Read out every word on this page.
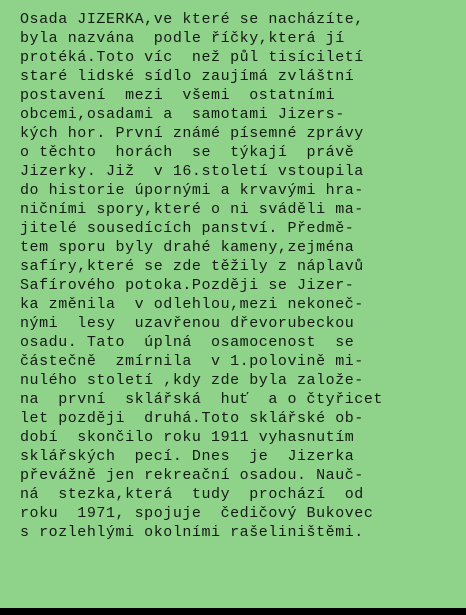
Osada JIZERKA,ve které se nacházíte,
byla nazvána  podle říčky,která jí
protéká.Toto víc  než půl tisíciletí
staré lidské sídlo zaujímá zvláštní
postavení  mezi  všemi  ostatními
obcemi,osadami a  samotami Jizers-
kých hor. První známé písemné zprávy
o těchto  horách  se  týkají  právě
Jizerky. Již  v 16.století vstoupila
do historie úpornými a krvavými hra-
ničními spory,které o ni sváděli ma-
jitelé sousedících panství. Předmě-
tem sporu byly drahé kameny,zejména
safíry,které se zde těžily z náplavů
Safírového potoka.Později se Jizer-
ka změnila  v odlehlou,mezi nekoneč-
nými  lesy  uzavřenou dřevorubeckou
osadu. Tato  úplná  osamocenost  se
částečně  zmírnila  v 1.polovině mi-
nulého století ,kdy zde byla založe-
na  první  sklářská  huť  a o čtyřicet
let později  druhá.Toto sklářské ob-
dobí  skončilo roku 1911 vyhasnutím
sklářských  pecí. Dnes  je  Jizerka
převážně jen rekreační osadou. Nauč-
ná  stezka,která  tudy  prochází  od
roku  1971, spojuje  čedičový Bukovec
s rozlehlými okolními rašeliništěmi.
